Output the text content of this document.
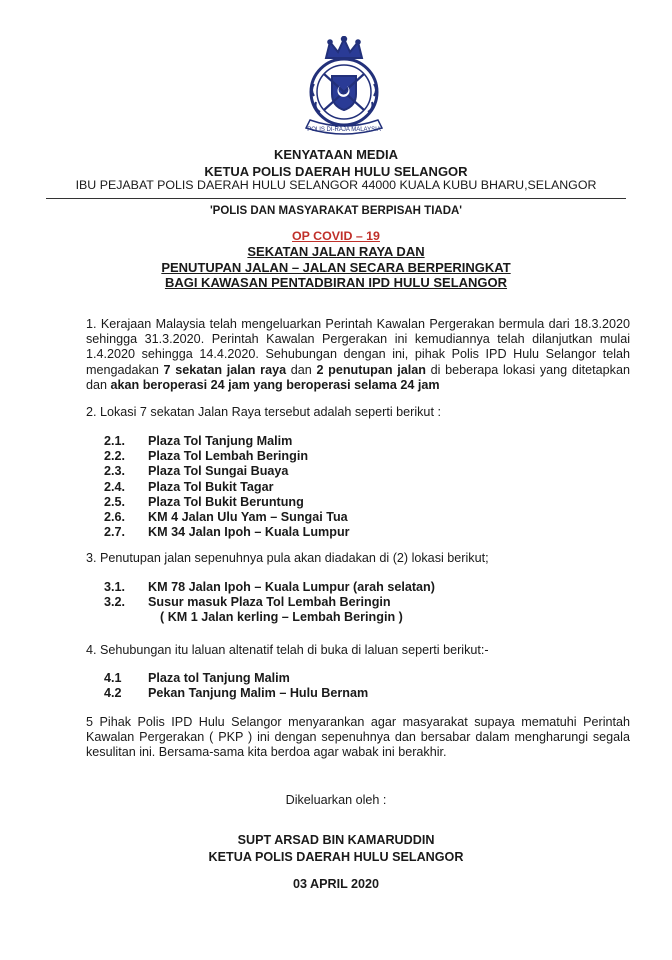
POLIS DI-RAJA MALAYSIA
KENYATAAN MEDIA
KETUA POLIS DAERAH HULU SELANGOR
IBU PEJABAT POLIS DAERAH HULU SELANGOR 44000 KUALA KUBU BHARU,SELANGOR
'POLIS DAN MASYARAKAT BERPISAH TIADA'
OP COVID – 19
SEKATAN JALAN RAYA DAN
PENUTUPAN JALAN – JALAN SECARA BERPERINGKAT
BAGI KAWASAN PENTADBIRAN IPD HULU SELANGOR

1. Kerajaan Malaysia telah mengeluarkan Perintah Kawalan Pergerakan bermula dari 18.3.2020 sehingga 31.3.2020. Perintah Kawalan Pergerakan ini kemudiannya telah dilanjutkan mulai 1.4.2020 sehingga 14.4.2020. Sehubungan dengan ini, pihak Polis IPD Hulu Selangor telah mengadakan 7 sekatan jalan raya dan 2 penutupan jalan di beberapa lokasi yang ditetapkan dan akan beroperasi 24 jam yang beroperasi selama 24 jam

2. Lokasi 7 sekatan Jalan Raya tersebut adalah seperti berikut :
2.1.	Plaza Tol Tanjung Malim
2.2.	Plaza Tol Lembah Beringin
2.3.	Plaza Tol Sungai Buaya
2.4.	Plaza Tol Bukit Tagar
2.5.	Plaza Tol Bukit Beruntung
2.6.	KM 4 Jalan Ulu Yam – Sungai Tua
2.7.	KM 34 Jalan Ipoh – Kuala Lumpur
3. Penutupan jalan sepenuhnya pula akan diadakan di (2) lokasi berikut;
3.1.	KM 78 Jalan Ipoh – Kuala Lumpur (arah selatan)
3.2.	Susur masuk Plaza Tol Lembah Beringin
( KM 1 Jalan kerling – Lembah Beringin )
4. Sehubungan itu laluan altenatif telah di buka di laluan seperti berikut:-
4.1	Plaza tol Tanjung Malim
4.2	Pekan Tanjung Malim – Hulu Bernam

5 Pihak Polis IPD Hulu Selangor menyarankan agar masyarakat supaya mematuhi Perintah Kawalan Pergerakan ( PKP ) ini dengan sepenuhnya dan bersabar dalam mengharungi segala kesulitan ini. Bersama-sama kita berdoa agar wabak ini berakhir.

Dikeluarkan oleh :
SUPT ARSAD BIN KAMARUDDIN
KETUA POLIS DAERAH HULU SELANGOR
03 APRIL 2020
